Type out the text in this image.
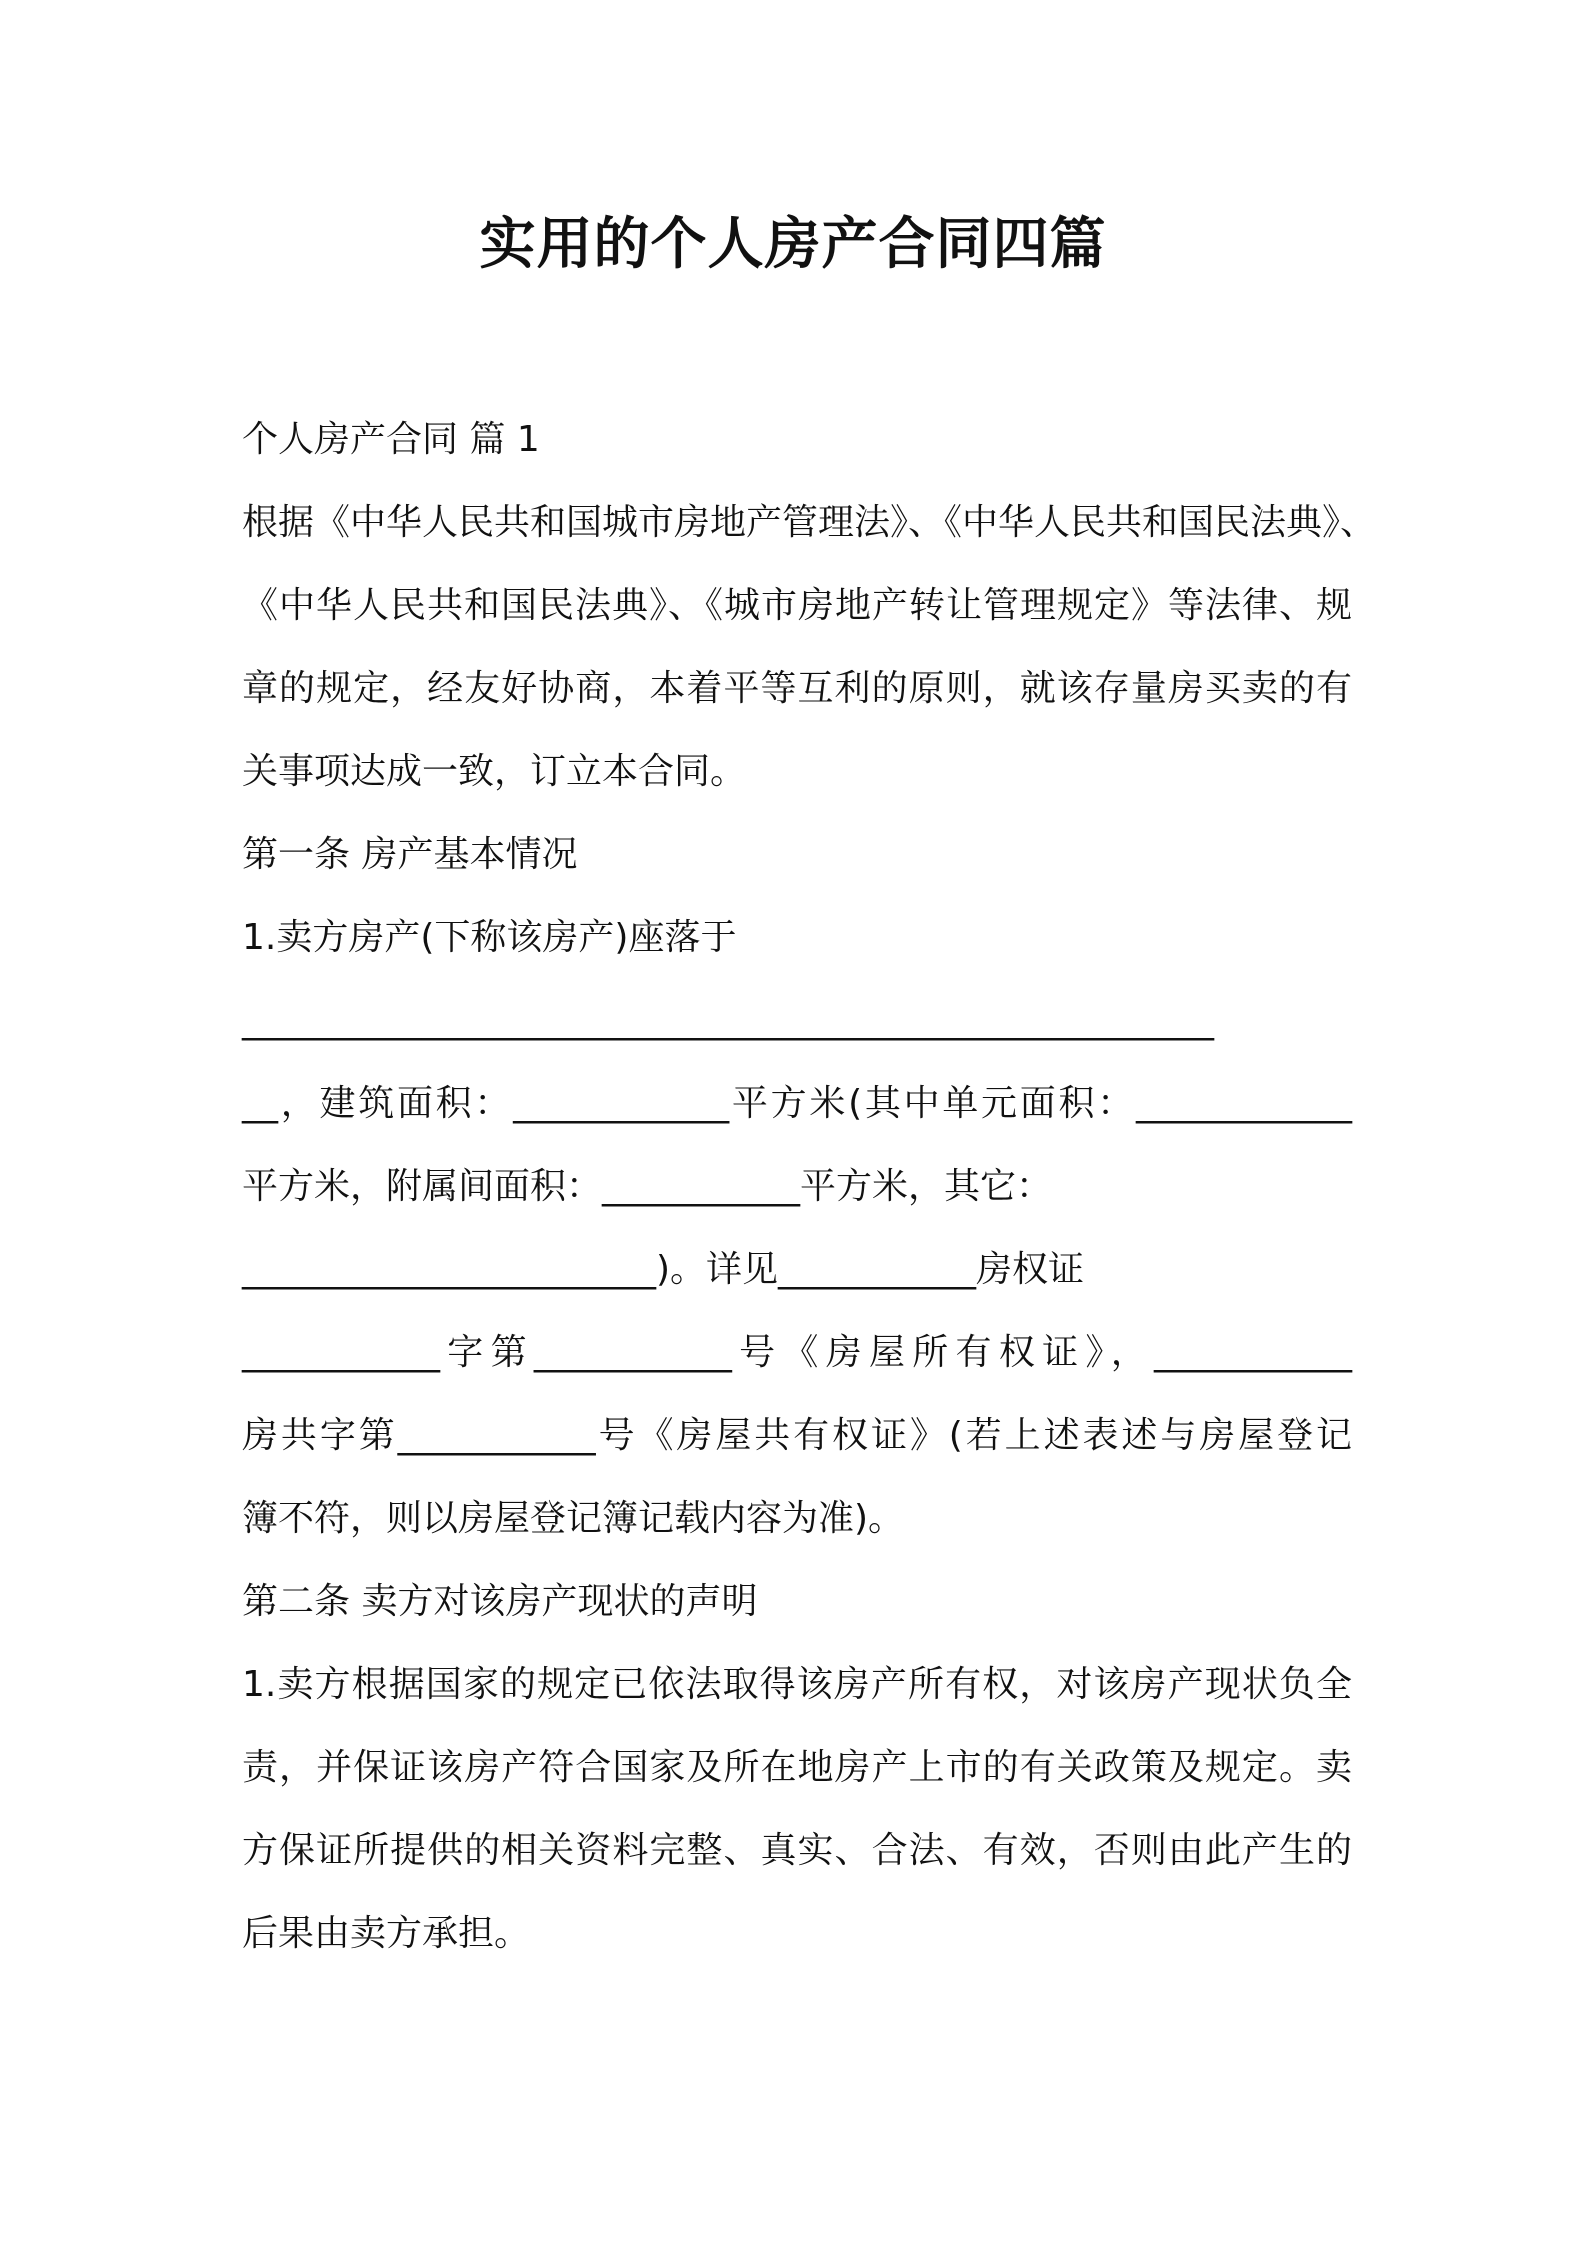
实用的个人房产合同四篇
个人房产合同 篇 1
根据《中华人民共和国城市房地产管理法》、《中华人民共和国民法典》、
《中华人民共和国民法典》、《城市房地产转让管理规定》等法律、规
章的规定，经友好协商，本着平等互利的原则，就该存量房买卖的有
关事项达成一致，订立本合同。
第一条 房产基本情况
1.卖方房产(下称该房产)座落于
______________________________________________________
__，建筑面积：____________平方米(其中单元面积：____________
平方米，附属间面积：___________平方米，其它：
_______________________)。详见___________房权证
___________字第___________号《房屋所有权证》，___________
房共字第___________号《房屋共有权证》(若上述表述与房屋登记
簿不符，则以房屋登记簿记载内容为准)。
第二条 卖方对该房产现状的声明
1.卖方根据国家的规定已依法取得该房产所有权，对该房产现状负全
责，并保证该房产符合国家及所在地房产上市的有关政策及规定。卖
方保证所提供的相关资料完整、真实、合法、有效，否则由此产生的
后果由卖方承担。
